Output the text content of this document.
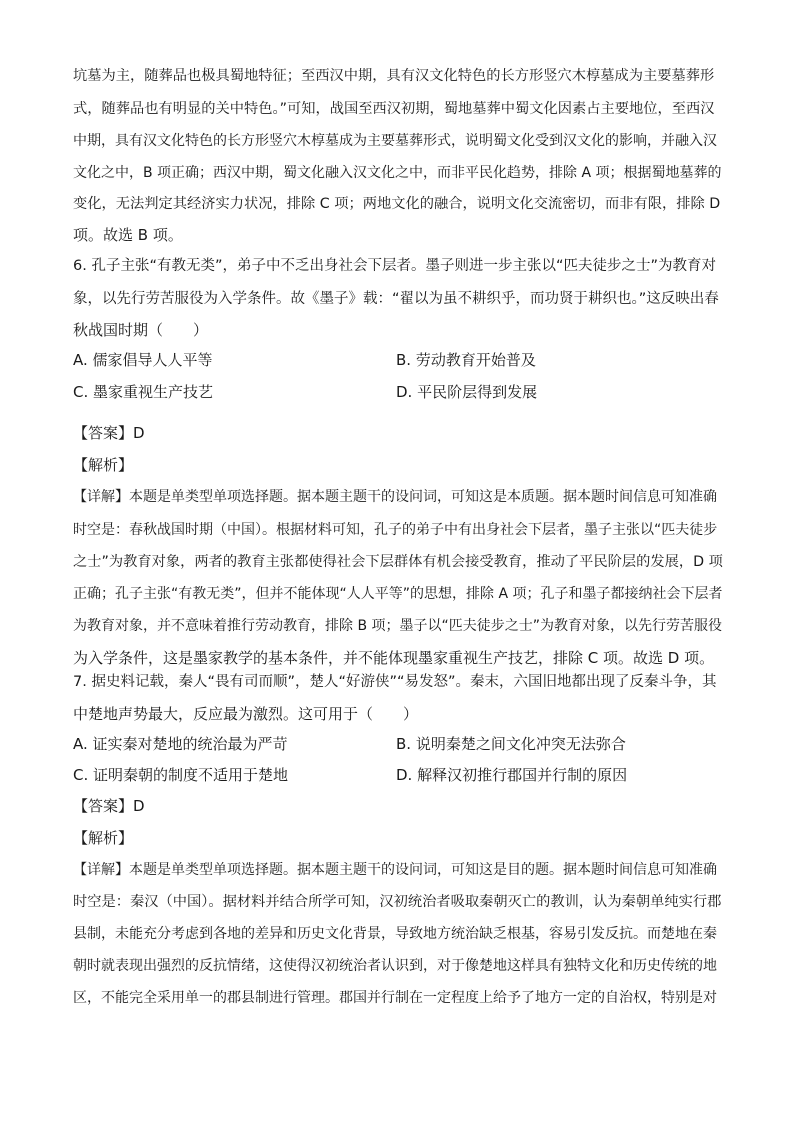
坑墓为主，随葬品也极具蜀地特征；至西汉中期，具有汉文化特色的长方形竖穴木椁墓成为主要墓葬形
式，随葬品也有明显的关中特色。”可知，战国至西汉初期，蜀地墓葬中蜀文化因素占主要地位，至西汉
中期，具有汉文化特色的长方形竖穴木椁墓成为主要墓葬形式，说明蜀文化受到汉文化的影响，并融入汉
文化之中，B 项正确；西汉中期，蜀文化融入汉文化之中，而非平民化趋势，排除 A 项；根据蜀地墓葬的
变化，无法判定其经济实力状况，排除 C 项；两地文化的融合，说明文化交流密切，而非有限，排除 D
项。故选 B 项。
6. 孔子主张“有教无类”，弟子中不乏出身社会下层者。墨子则进一步主张以“匹夫徒步之士”为教育对
象，以先行劳苦服役为入学条件。故《墨子》载：“翟以为虽不耕织乎，而功贤于耕织也。”这反映出春
秋战国时期（　　）
A. 儒家倡导人人平等	B. 劳动教育开始普及
C. 墨家重视生产技艺	D. 平民阶层得到发展
【答案】D
【解析】
【详解】本题是单类型单项选择题。据本题主题干的设问词，可知这是本质题。据本题时间信息可知准确
时空是：春秋战国时期（中国）。根据材料可知，孔子的弟子中有出身社会下层者，墨子主张以“匹夫徒步
之士”为教育对象，两者的教育主张都使得社会下层群体有机会接受教育，推动了平民阶层的发展，D 项
正确；孔子主张“有教无类”，但并不能体现“人人平等”的思想，排除 A 项；孔子和墨子都接纳社会下层者
为教育对象，并不意味着推行劳动教育，排除 B 项；墨子以“匹夫徒步之士”为教育对象，以先行劳苦服役
为入学条件，这是墨家教学的基本条件，并不能体现墨家重视生产技艺，排除 C 项。故选 D 项。
7. 据史料记载，秦人“畏有司而顺”，楚人“好游侠”“易发怒”。秦末，六国旧地都出现了反秦斗争，其
中楚地声势最大，反应最为激烈。这可用于（　　）
A. 证实秦对楚地的统治最为严苛	B. 说明秦楚之间文化冲突无法弥合
C. 证明秦朝的制度不适用于楚地	D. 解释汉初推行郡国并行制的原因
【答案】D
【解析】
【详解】本题是单类型单项选择题。据本题主题干的设问词，可知这是目的题。据本题时间信息可知准确
时空是：秦汉（中国）。据材料并结合所学可知，汉初统治者吸取秦朝灭亡的教训，认为秦朝单纯实行郡
县制，未能充分考虑到各地的差异和历史文化背景，导致地方统治缺乏根基，容易引发反抗。而楚地在秦
朝时就表现出强烈的反抗情绪，这使得汉初统治者认识到，对于像楚地这样具有独特文化和历史传统的地
区，不能完全采用单一的郡县制进行管理。郡国并行制在一定程度上给予了地方一定的自治权，特别是对
